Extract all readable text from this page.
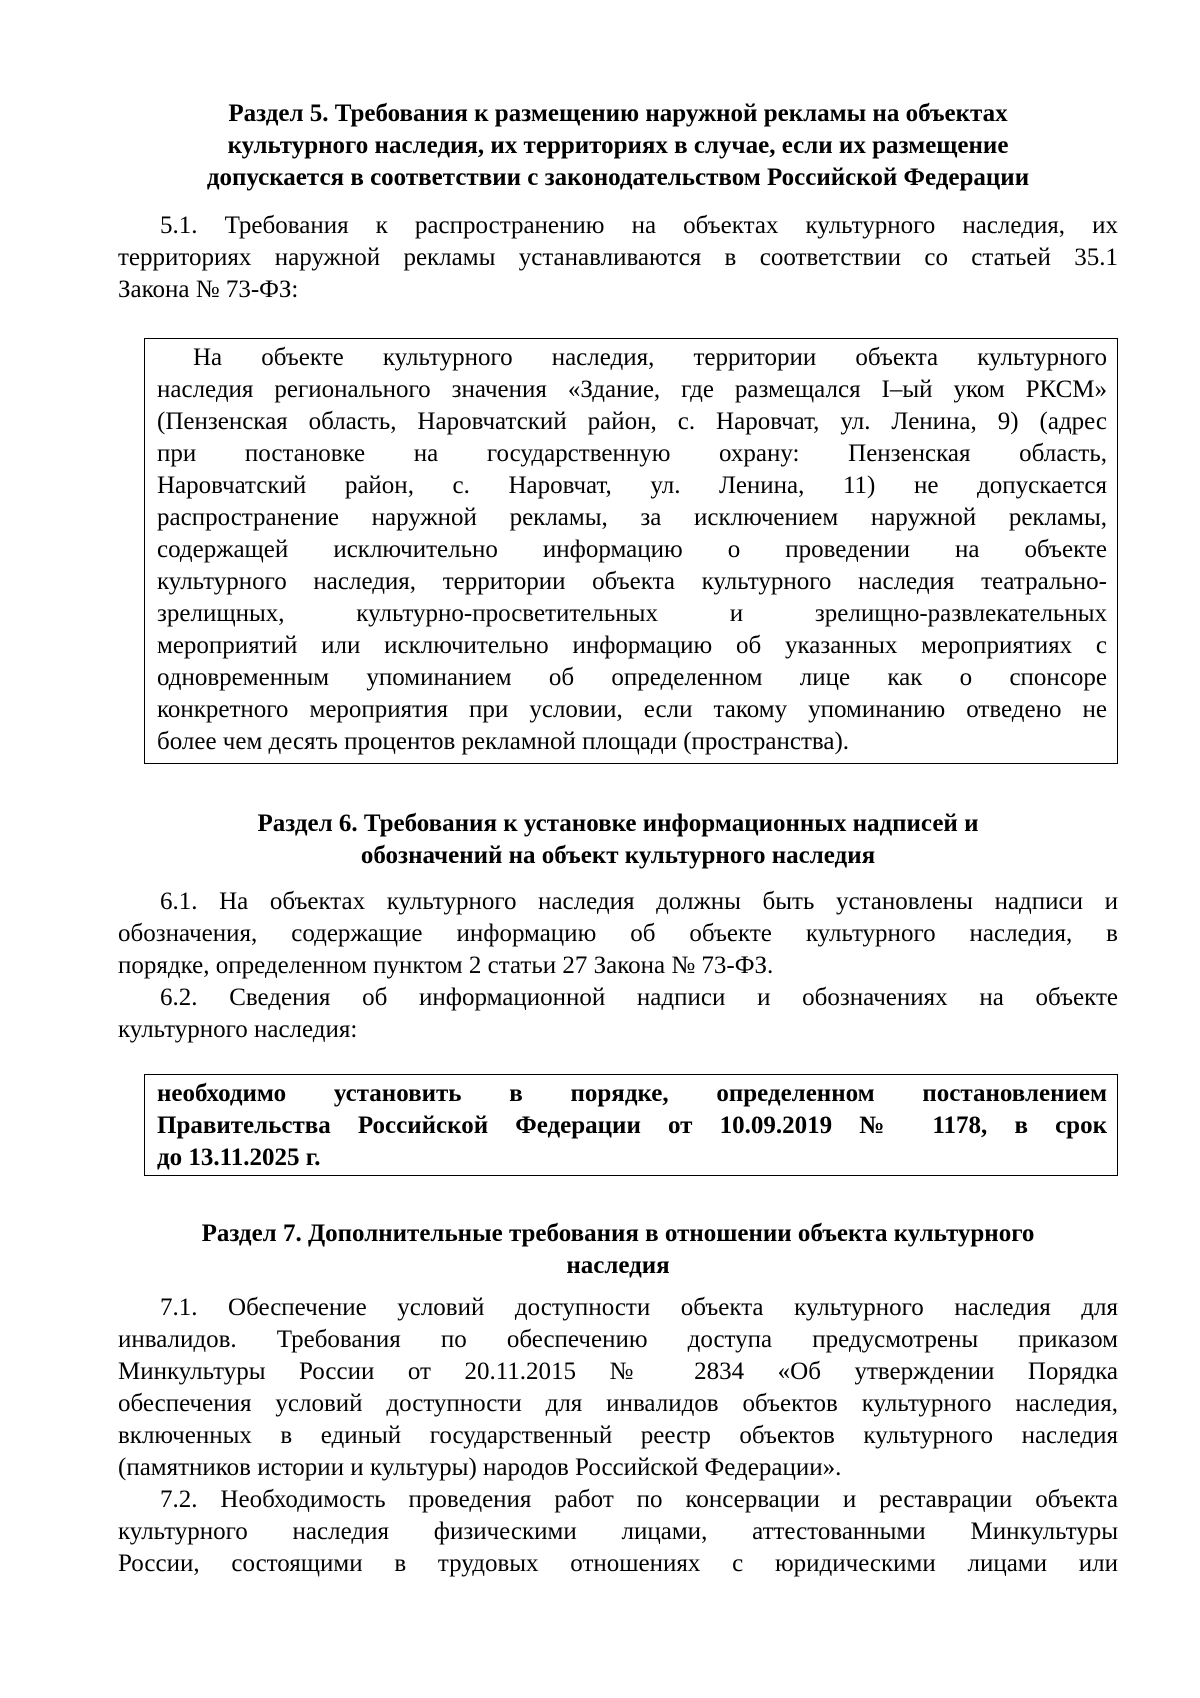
Раздел 5. Требования к размещению наружной рекламы на объектах
культурного наследия, их территориях в случае, если их размещение
допускается в соответствии с законодательством Российской Федерации
5.1. Требования к распространению на объектах культурного наследия, их
территориях наружной рекламы устанавливаются в соответствии со статьей 35.1
Закона № 73-ФЗ:
На объекте культурного наследия, территории объекта культурного
наследия регионального значения «Здание, где размещался I–ый уком РКСМ»
(Пензенская область, Наровчатский район, с. Наровчат, ул. Ленина, 9) (адрес
при постановке на государственную охрану: Пензенская область,
Наровчатский район, с. Наровчат, ул. Ленина, 11) не допускается
распространение наружной рекламы, за исключением наружной рекламы,
содержащей исключительно информацию о проведении на объекте
культурного наследия, территории объекта культурного наследия театрально-
зрелищных, культурно-просветительных и зрелищно-развлекательных
мероприятий или исключительно информацию об указанных мероприятиях с
одновременным упоминанием об определенном лице как о спонсоре
конкретного мероприятия при условии, если такому упоминанию отведено не
более чем десять процентов рекламной площади (пространства).
Раздел 6. Требования к установке информационных надписей и
обозначений на объект культурного наследия
6.1. На объектах культурного наследия должны быть установлены надписи и
обозначения, содержащие информацию об объекте культурного наследия, в
порядке, определенном пунктом 2 статьи 27 Закона № 73-ФЗ.
6.2. Сведения об информационной надписи и обозначениях на объекте
культурного наследия:
необходимо установить в порядке, определенном постановлением
Правительства Российской Федерации от 10.09.2019 № 1178, в срок
до 13.11.2025 г.
Раздел 7. Дополнительные требования в отношении объекта культурного
наследия
7.1. Обеспечение условий доступности объекта культурного наследия для
инвалидов. Требования по обеспечению доступа предусмотрены приказом
Минкультуры России от 20.11.2015 № 2834 «Об утверждении Порядка
обеспечения условий доступности для инвалидов объектов культурного наследия,
включенных в единый государственный реестр объектов культурного наследия
(памятников истории и культуры) народов Российской Федерации».
7.2. Необходимость проведения работ по консервации и реставрации объекта
культурного наследия физическими лицами, аттестованными Минкультуры
России, состоящими в трудовых отношениях с юридическими лицами или
